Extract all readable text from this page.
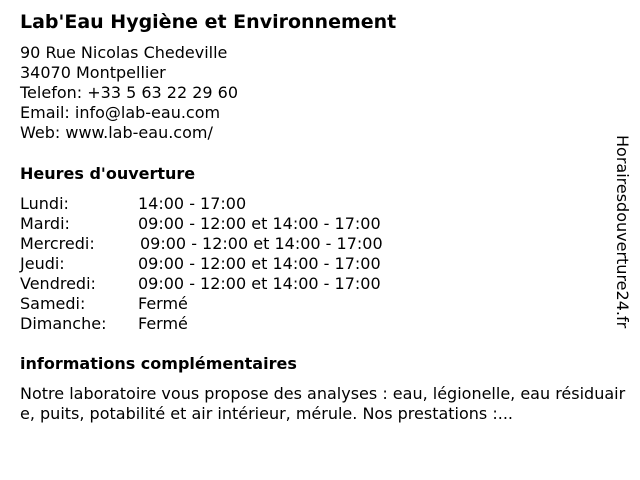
Lab'Eau Hygiène et Environnement
90 Rue Nicolas Chedeville
34070 Montpellier
Telefon: +33 5 63 22 29 60
Email: info@lab-eau.com
Web: www.lab-eau.com/
Heures d'ouverture
Lundi:	14:00 - 17:00
Mardi:	09:00 - 12:00 et 14:00 - 17:00
Mercredi:	09:00 - 12:00 et 14:00 - 17:00
Jeudi:	09:00 - 12:00 et 14:00 - 17:00
Vendredi:	09:00 - 12:00 et 14:00 - 17:00
Samedi:	Fermé
Dimanche: Fermé
informations complémentaires
Notre laboratoire vous propose des analyses : eau, légionelle, eau résiduaire, puits, potabilité et air intérieur, mérule. Nos prestations :...
Horairesdouverture24.fr
